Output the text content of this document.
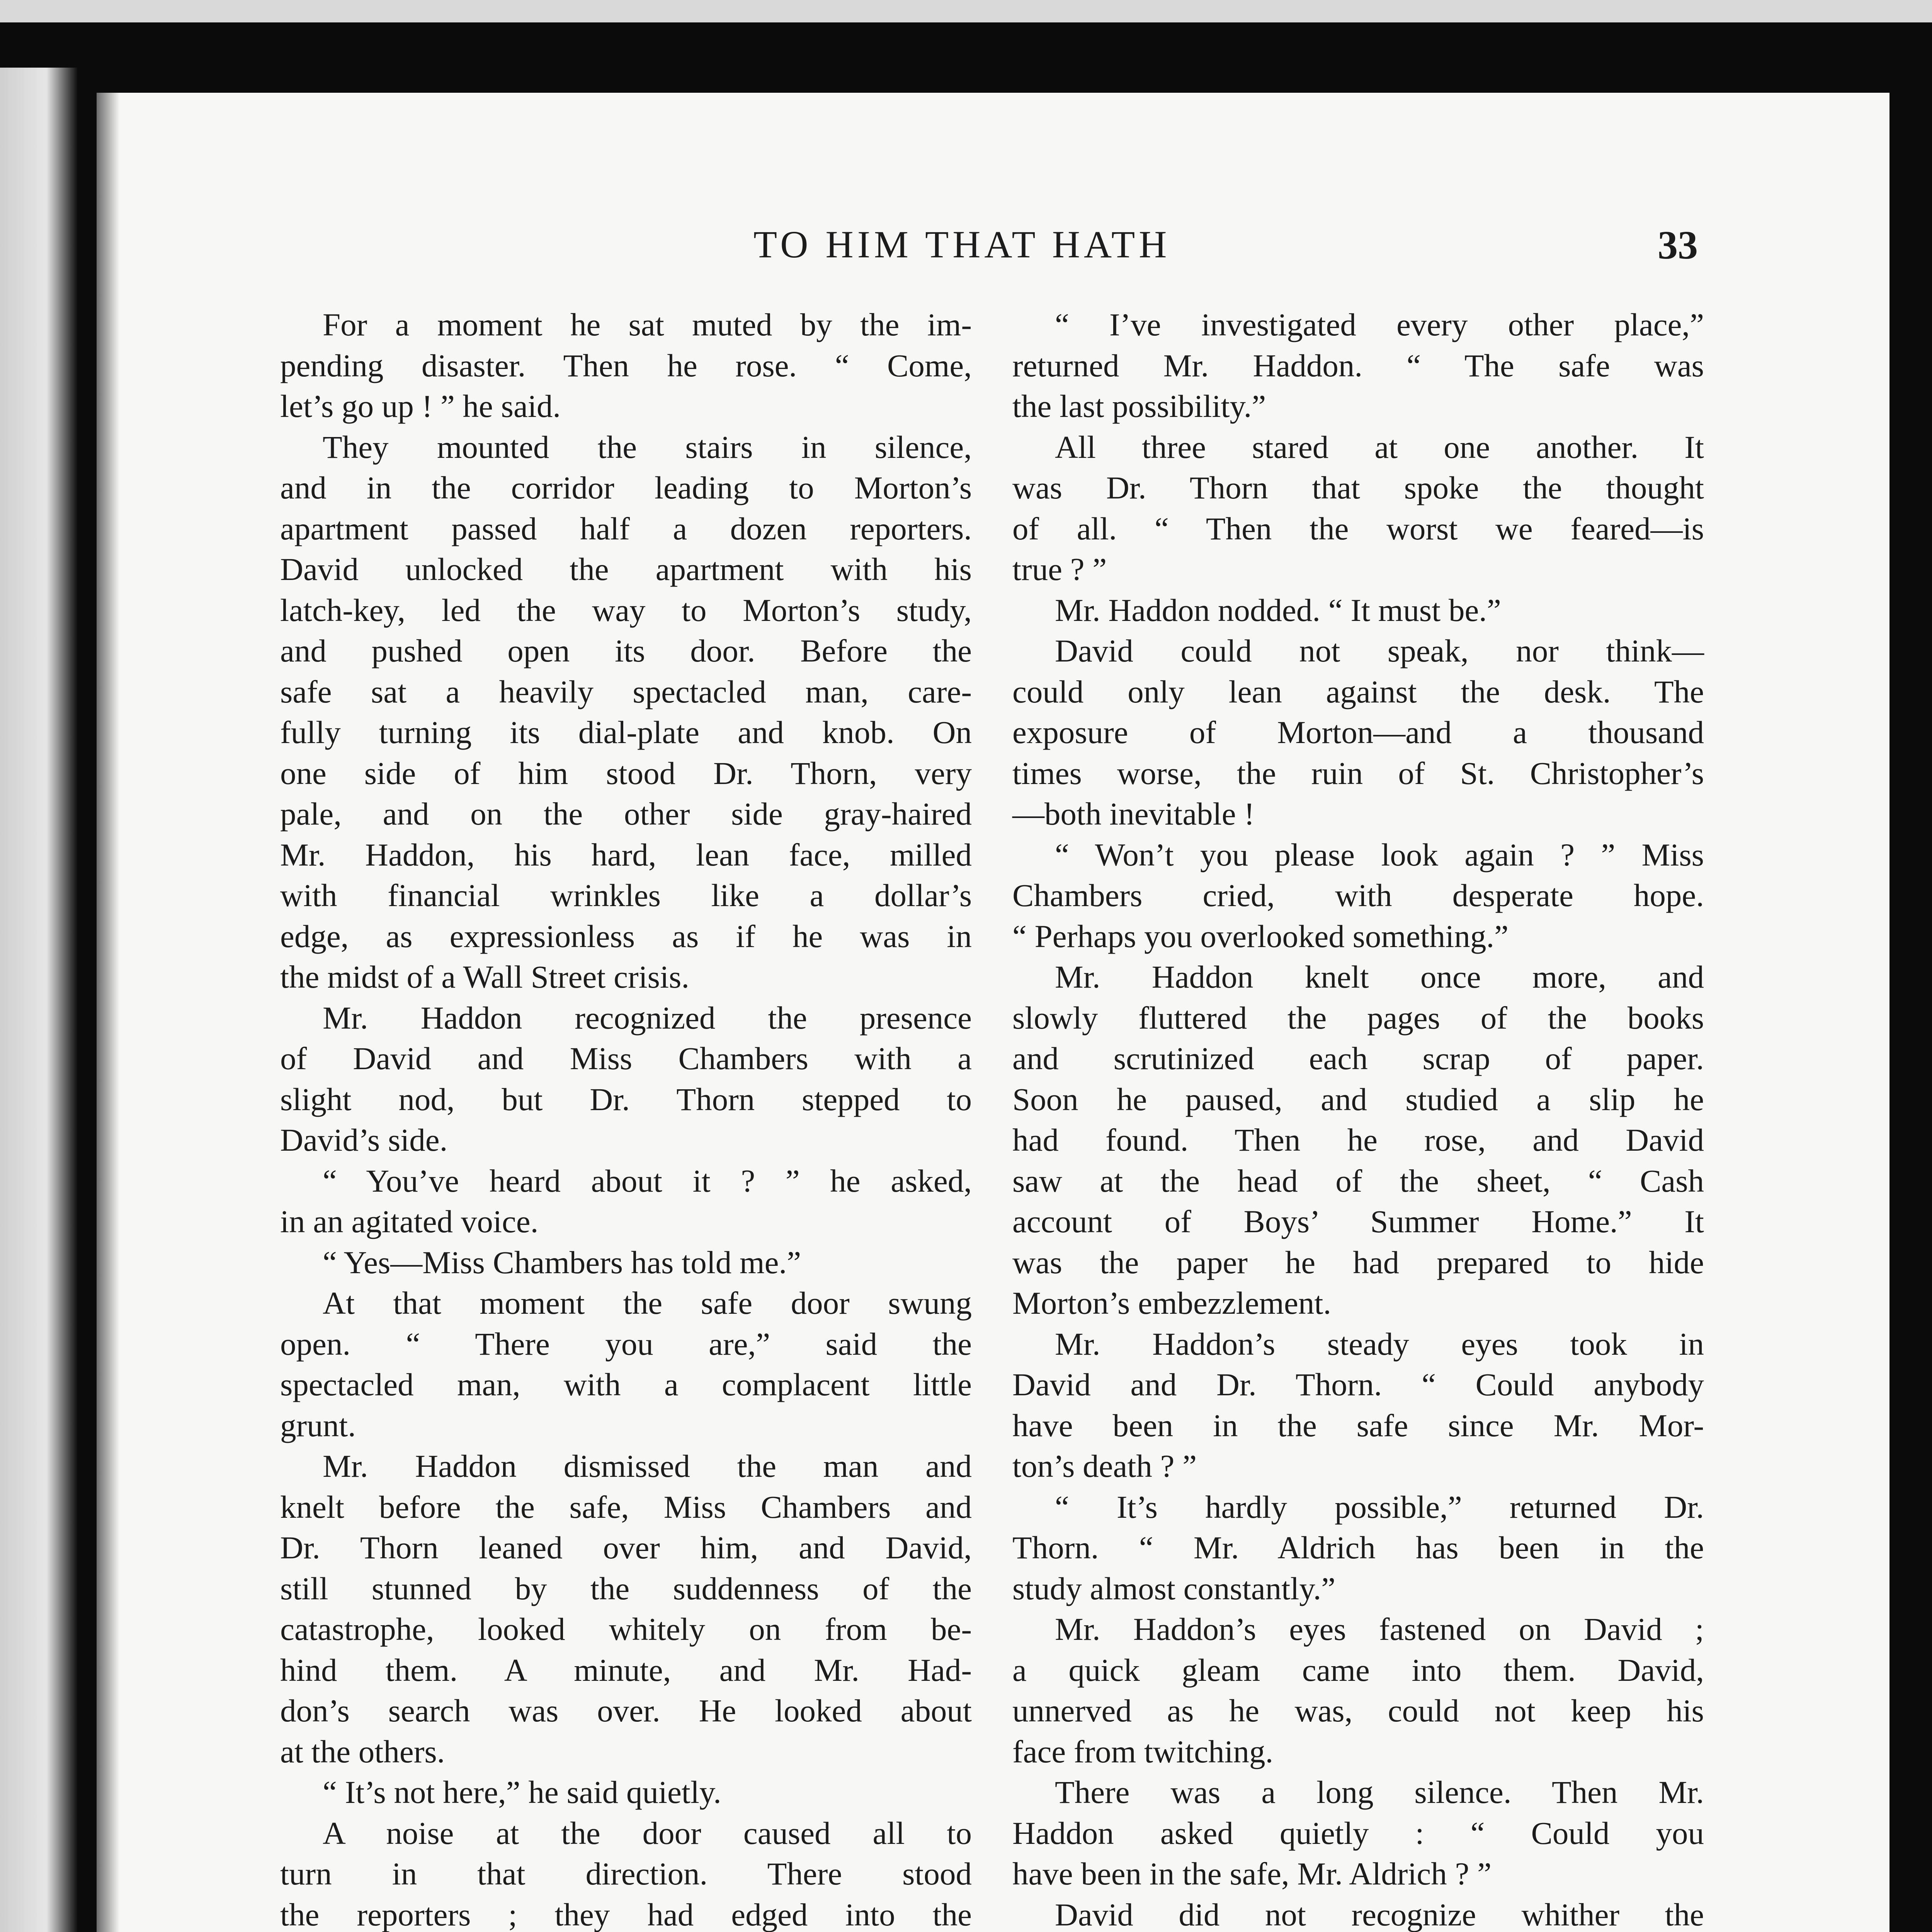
TO HIM THAT HATH	33
For a moment he sat muted by the im-
pending disaster. Then he rose. “ Come,
let’s go up ! ” he said.
They mounted the stairs in silence,
and in the corridor leading to Morton’s
apartment passed half a dozen reporters.
David unlocked the apartment with his
latch-key, led the way to Morton’s study,
and pushed open its door. Before the
safe sat a heavily spectacled man, care-
fully turning its dial-plate and knob. On
one side of him stood Dr. Thorn, very
pale, and on the other side gray-haired
Mr. Haddon, his hard, lean face, milled
with financial wrinkles like a dollar’s
edge, as expressionless as if he was in
the midst of a Wall Street crisis.
Mr. Haddon recognized the presence
of David and Miss Chambers with a
slight nod, but Dr. Thorn stepped to
David’s side.
“ You’ve heard about it ? ” he asked,
in an agitated voice.
“ Yes—Miss Chambers has told me.”
At that moment the safe door swung
open. “ There you are,” said the
spectacled man, with a complacent little
grunt.
Mr. Haddon dismissed the man and
knelt before the safe, Miss Chambers and
Dr. Thorn leaned over him, and David,
still stunned by the suddenness of the
catastrophe, looked whitely on from be-
hind them. A minute, and Mr. Had-
don’s search was over. He looked about
at the others.
“ It’s not here,” he said quietly.
A noise at the door caused all to
turn in that direction. There stood
the reporters ; they had edged into the
“ I’ve investigated every other place,”
returned Mr. Haddon. “ The safe was
the last possibility.”
All three stared at one another. It
was Dr. Thorn that spoke the thought
of all. “ Then the worst we feared—is
true ? ”
Mr. Haddon nodded. “ It must be.”
David could not speak, nor think—
could only lean against the desk. The
exposure of Morton—and a thousand
times worse, the ruin of St. Christopher’s
—both inevitable !
“ Won’t you please look again ? ” Miss
Chambers cried, with desperate hope.
“ Perhaps you overlooked something.”
Mr. Haddon knelt once more, and
slowly fluttered the pages of the books
and scrutinized each scrap of paper.
Soon he paused, and studied a slip he
had found. Then he rose, and David
saw at the head of the sheet, “ Cash
account of Boys’ Summer Home.” It
was the paper he had prepared to hide
Morton’s embezzlement.
Mr. Haddon’s steady eyes took in
David and Dr. Thorn. “ Could anybody
have been in the safe since Mr. Mor-
ton’s death ? ”
“ It’s hardly possible,” returned Dr.
Thorn. “ Mr. Aldrich has been in the
study almost constantly.”
Mr. Haddon’s eyes fastened on David ;
a quick gleam came into them. David,
unnerved as he was, could not keep his
face from twitching.
There was a long silence. Then Mr.
Haddon asked quietly : “ Could you
have been in the safe, Mr. Aldrich ? ”
David did not recognize whither the
